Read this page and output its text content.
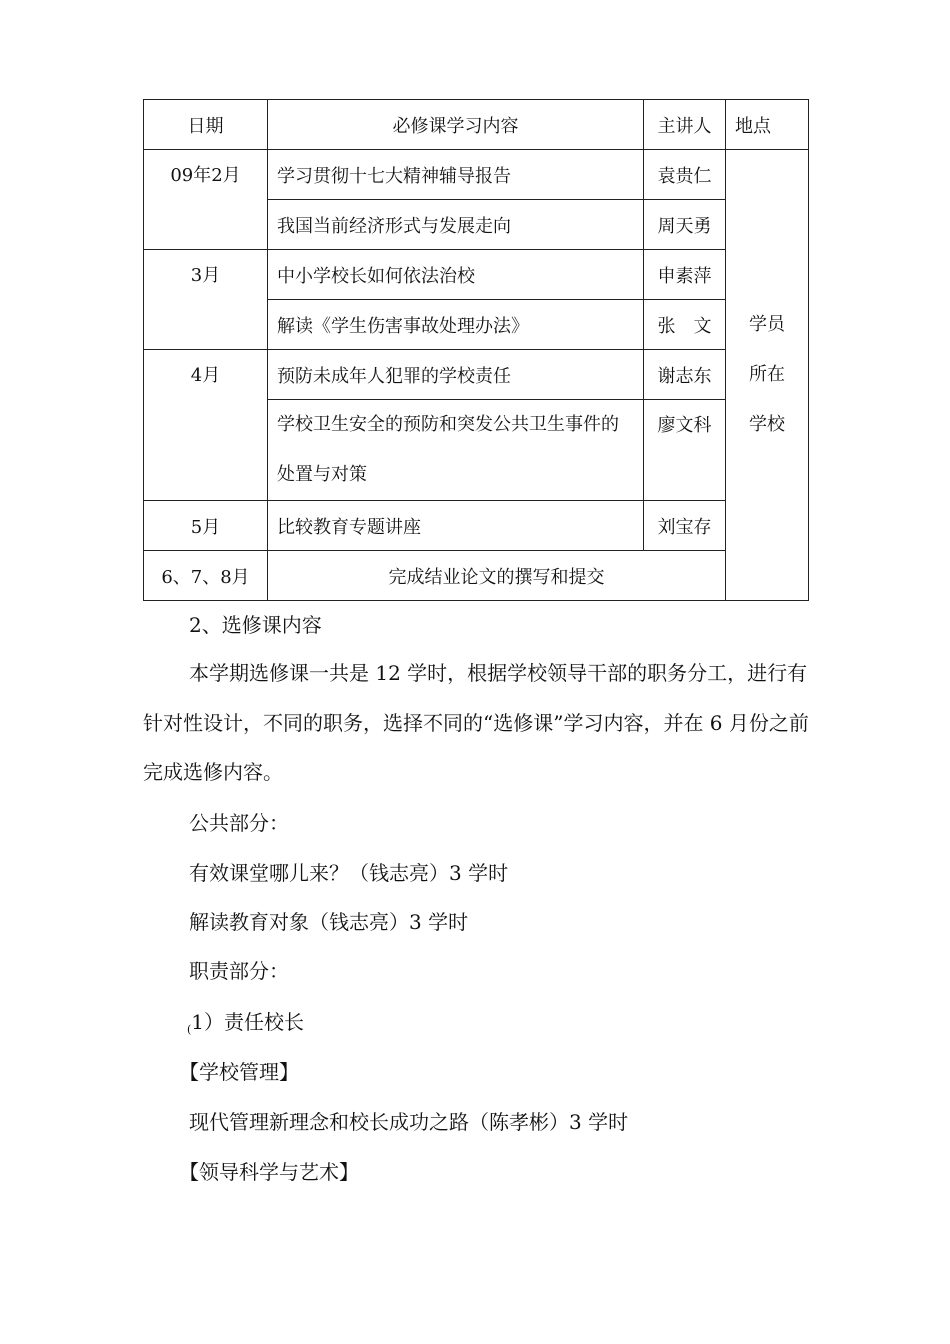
日期	必修课学习内容	主讲人	地点
09年2月	学习贯彻十七大精神辅导报告	袁贵仁	学员所在学校

	我国当前经济形式与发展走向	周天勇	
3月	中小学校长如何依法治校	申素萍	
	解读《学生伤害事故处理办法》	张　文	
4月	预防未成年人犯罪的学校责任	谢志东	
	学校卫生安全的预防和突发公共卫生事件的处置与对策	廖文科	
5月	比较教育专题讲座	刘宝存	
6、7、8月	完成结业论文的撰写和提交		

2、选修课内容

本学期选修课一共是 12 学时，根据学校领导干部的职务分工，进行有针对性设计，不同的职务，选择不同的“选修课”学习内容，并在 6 月份之前完成选修内容。

公共部分：

有效课堂哪儿来？（钱志亮）3 学时

解读教育对象（钱志亮）3 学时

职责部分：

$_($1）责任校长

【学校管理】

现代管理新理念和校长成功之路（陈孝彬）3 学时

【领导科学与艺术】
